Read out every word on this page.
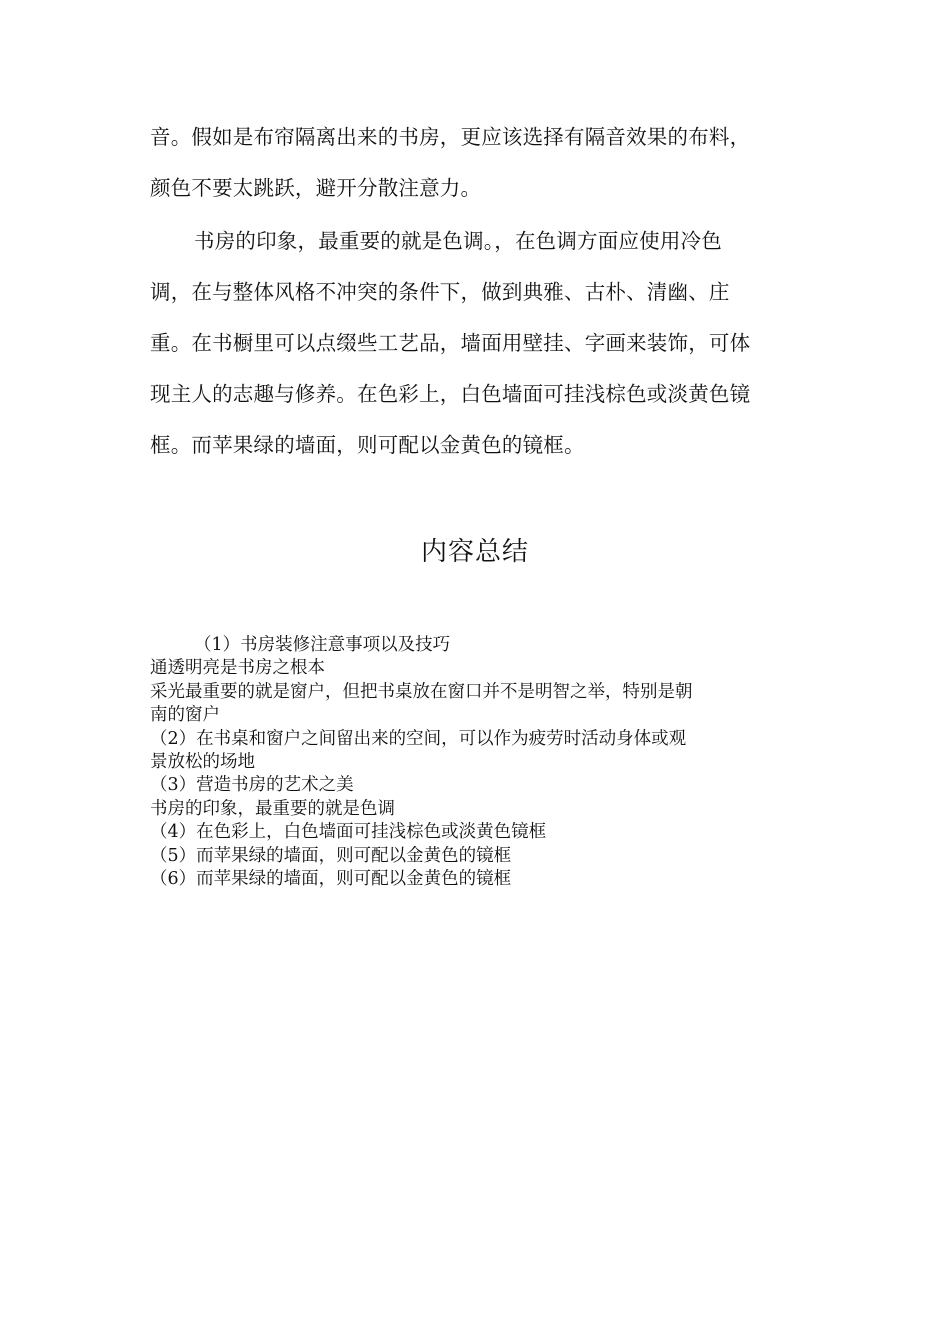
音。假如是布帘隔离出来的书房，更应该选择有隔音效果的布料，

颜色不要太跳跃，避开分散注意力。

书房的印象，最重要的就是色调。，在色调方面应使用冷色

调，在与整体风格不冲突的条件下，做到典雅、古朴、清幽、庄

重。在书橱里可以点缀些工艺品，墙面用壁挂、字画来装饰，可体

现主人的志趣与修养。在色彩上，白色墙面可挂浅棕色或淡黄色镜

框。而苹果绿的墙面，则可配以金黄色的镜框。

内容总结
（1）书房装修注意事项以及技巧
通透明亮是书房之根本
采光最重要的就是窗户，但把书桌放在窗口并不是明智之举，特别是朝
南的窗户
（2）在书桌和窗户之间留出来的空间，可以作为疲劳时活动身体或观
景放松的场地
（3）营造书房的艺术之美
书房的印象，最重要的就是色调
（4）在色彩上，白色墙面可挂浅棕色或淡黄色镜框
（5）而苹果绿的墙面，则可配以金黄色的镜框
（6）而苹果绿的墙面，则可配以金黄色的镜框
